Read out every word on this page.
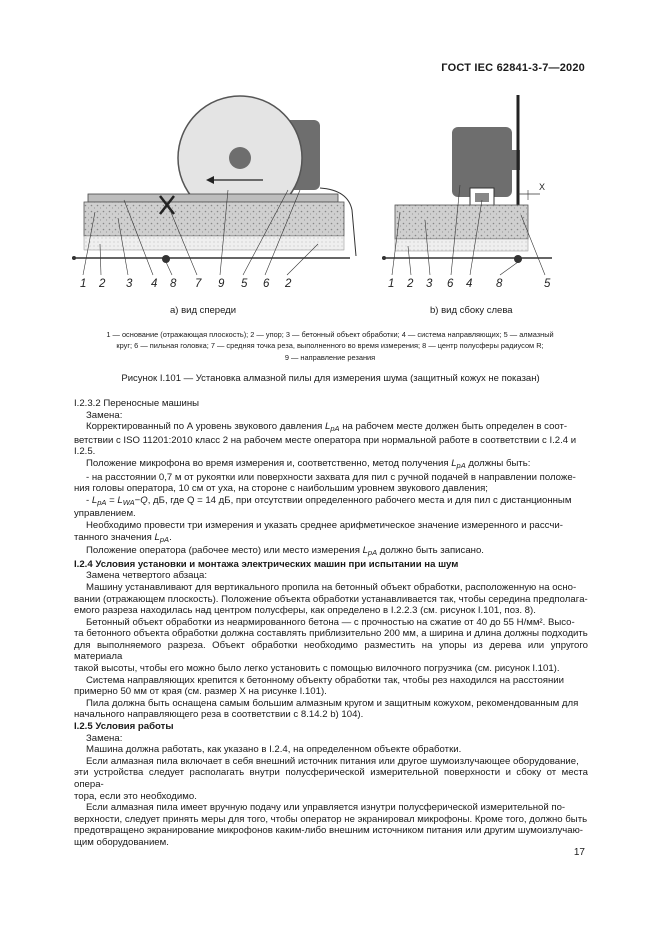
ГОСТ IEC 62841-3-7—2020
1 2 3 4 8 7 9 5 6 2
X
1 2 3 6 4 8	5
a) вид спереди	b) вид сбоку слева
1 — основание (отражающая плоскость); 2 — упор; 3 — бетонный объект обработки; 4 — система направляющих; 5 — алмазный
круг; 6 — пильная головка; 7 — средняя точка реза, выполненного во время измерения; 8 — центр полусферы радиусом R;
9 — направление резания
Рисунок I.101 — Установка алмазной пилы для измерения шума (защитный кожух не показан)

I.2.3.2 Переносные машины

Замена:

Корректированный по А уровень звукового давления $L_{pA}$ на рабочем месте должен быть определен в соот-

ветствии с ISO 11201:2010 класс 2 на рабочем месте оператора при нормальной работе в соответствии с I.2.4 и

I.2.5.

Положение микрофона во время измерения и, соответственно, метод получения $L_{pA}$ должны быть:

- на расстоянии 0,7 м от рукоятки или поверхности захвата для пил с ручной подачей в направлении положе-

ния головы оператора, 10 см от уха, на стороне с наибольшим уровнем звукового давления;

- $L_{pA} = L_{WA}-Q$, дБ, где Q = 14 дБ, при отсутствии определенного рабочего места и для пил с дистанционным

управлением.

Необходимо провести три измерения и указать среднее арифметическое значение измеренного и рассчи-

танного значения $L_{pA}$.

Положение оператора (рабочее место) или место измерения $L_{pA}$ должно быть записано.

I.2.4 Условия установки и монтажа электрических машин при испытании на шум

Замена четвертого абзаца:

Машину устанавливают для вертикального пропила на бетонный объект обработки, расположенную на осно-

вании (отражающем плоскость). Положение объекта обработки устанавливается так, чтобы середина предполагa-

емого разреза находилась над центром полусферы, как определено в I.2.2.3 (см. рисунок I.101, поз. 8).

Бетонный объект обработки из неармированного бетона — с прочностью на сжатие от 40 до 55 Н/мм². Высо-

та бетонного объекта обработки должна составлять приблизительно 200 мм, а ширина и длина должны подходить

для выполняемого разреза. Объект обработки необходимо разместить на упоры из дерева или упругого материала

такой высоты, чтобы его можно было легко установить с помощью вилочного погрузчика (см. рисунок I.101).

Система направляющих крепится к бетонному объекту обработки так, чтобы рез находился на расстоянии

примерно 50 мм от края (см. размер X на рисунке I.101).

Пила должна быть оснащена самым большим алмазным кругом и защитным кожухом, рекомендованным для

начального направляющего реза в соответствии с 8.14.2 b) 104).

I.2.5 Условия работы

Замена:

Машина должна работать, как указано в I.2.4, на определенном объекте обработки.

Если алмазная пила включает в себя внешний источник питания или другое шумоизлучающее оборудование,

эти устройства следует располагать внутри полусферической измерительной поверхности и сбоку от места опера-

тора, если это необходимо.

Если алмазная пила имеет вручную подачу или управляется изнутри полусферической измерительной по-

верхности, следует принять меры для того, чтобы оператор не экранировал микрофоны. Кроме того, должно быть

предотвращено экранирование микрофонов каким-либо внешним источником питания или другим шумоизлучаю-

щим оборудованием.

17
